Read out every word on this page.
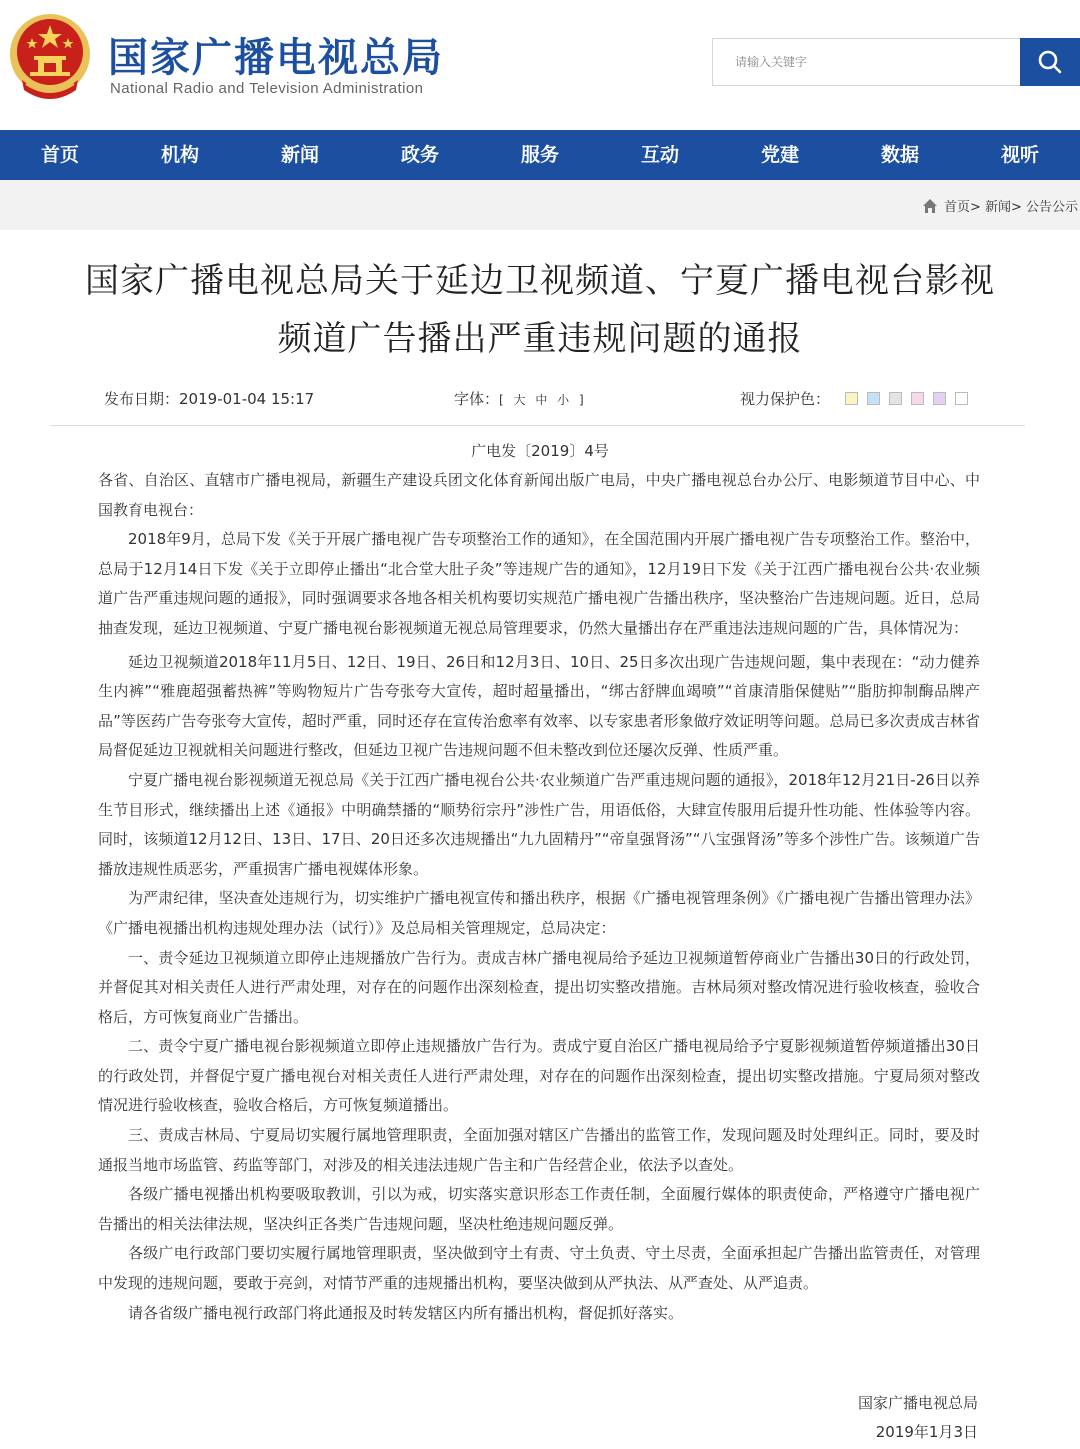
国家广播电视总局
National Radio and Television Administration
请输入关键字
首页	机构	新闻	政务	服务	互动	党建	数据	视听
首页> 新闻> 公告公示
国家广播电视总局关于延边卫视频道、宁夏广播电视台影视
频道广告播出严重违规问题的通报
发布日期：2019-01-04 15:17	字体：[ 大 中 小 ]	视力保护色：
广电发〔2019〕4号

各省、自治区、直辖市广播电视局，新疆生产建设兵团文化体育新闻出版广电局，中央广播电视总台办公厅、电影频道节目中心、中国教育电视台：

2018年9月，总局下发《关于开展广播电视广告专项整治工作的通知》，在全国范围内开展广播电视广告专项整治工作。整治中，总局于12月14日下发《关于立即停止播出“北合堂大肚子灸”等违规广告的通知》，12月19日下发《关于江西广播电视台公共·农业频道广告严重违规问题的通报》，同时强调要求各地各相关机构要切实规范广播电视广告播出秩序，坚决整治广告违规问题。近日，总局抽查发现，延边卫视频道、宁夏广播电视台影视频道无视总局管理要求，仍然大量播出存在严重违法违规问题的广告，具体情况为：

延边卫视频道2018年11月5日、12日、19日、26日和12月3日、10日、25日多次出现广告违规问题，集中表现在：“动力健养生内裤”“雅鹿超强蓄热裤”等购物短片广告夸张夸大宣传，超时超量播出，“绑古舒牌血竭喷”“首康清脂保健贴”“脂肪抑制酶品牌产品”等医药广告夸张夸大宣传，超时严重，同时还存在宣传治愈率有效率、以专家患者形象做疗效证明等问题。总局已多次责成吉林省局督促延边卫视就相关问题进行整改，但延边卫视广告违规问题不但未整改到位还屡次反弹、性质严重。

宁夏广播电视台影视频道无视总局《关于江西广播电视台公共·农业频道广告严重违规问题的通报》，2018年12月21日-26日以养生节目形式，继续播出上述《通报》中明确禁播的“顺势衍宗丹”涉性广告，用语低俗，大肆宣传服用后提升性功能、性体验等内容。同时，该频道12月12日、13日、17日、20日还多次违规播出“九九固精丹”“帝皇强肾汤”“八宝强肾汤”等多个涉性广告。该频道广告播放违规性质恶劣，严重损害广播电视媒体形象。

为严肃纪律，坚决查处违规行为，切实维护广播电视宣传和播出秩序，根据《广播电视管理条例》《广播电视广告播出管理办法》《广播电视播出机构违规处理办法（试行）》及总局相关管理规定，总局决定：

一、责令延边卫视频道立即停止违规播放广告行为。责成吉林广播电视局给予延边卫视频道暂停商业广告播出30日的行政处罚，并督促其对相关责任人进行严肃处理，对存在的问题作出深刻检查，提出切实整改措施。吉林局须对整改情况进行验收核查，验收合格后，方可恢复商业广告播出。

二、责令宁夏广播电视台影视频道立即停止违规播放广告行为。责成宁夏自治区广播电视局给予宁夏影视频道暂停频道播出30日的行政处罚，并督促宁夏广播电视台对相关责任人进行严肃处理，对存在的问题作出深刻检查，提出切实整改措施。宁夏局须对整改情况进行验收核查，验收合格后，方可恢复频道播出。

三、责成吉林局、宁夏局切实履行属地管理职责，全面加强对辖区广告播出的监管工作，发现问题及时处理纠正。同时，要及时通报当地市场监管、药监等部门，对涉及的相关违法违规广告主和广告经营企业，依法予以查处。

各级广播电视播出机构要吸取教训，引以为戒，切实落实意识形态工作责任制，全面履行媒体的职责使命，严格遵守广播电视广告播出的相关法律法规，坚决纠正各类广告违规问题，坚决杜绝违规问题反弹。

各级广电行政部门要切实履行属地管理职责，坚决做到守土有责、守土负责、守土尽责，全面承担起广告播出监管责任，对管理中发现的违规问题，要敢于亮剑，对情节严重的违规播出机构，要坚决做到从严执法、从严查处、从严追责。

请各省级广播电视行政部门将此通报及时转发辖区内所有播出机构，督促抓好落实。

国家广播电视总局
2019年1月3日
